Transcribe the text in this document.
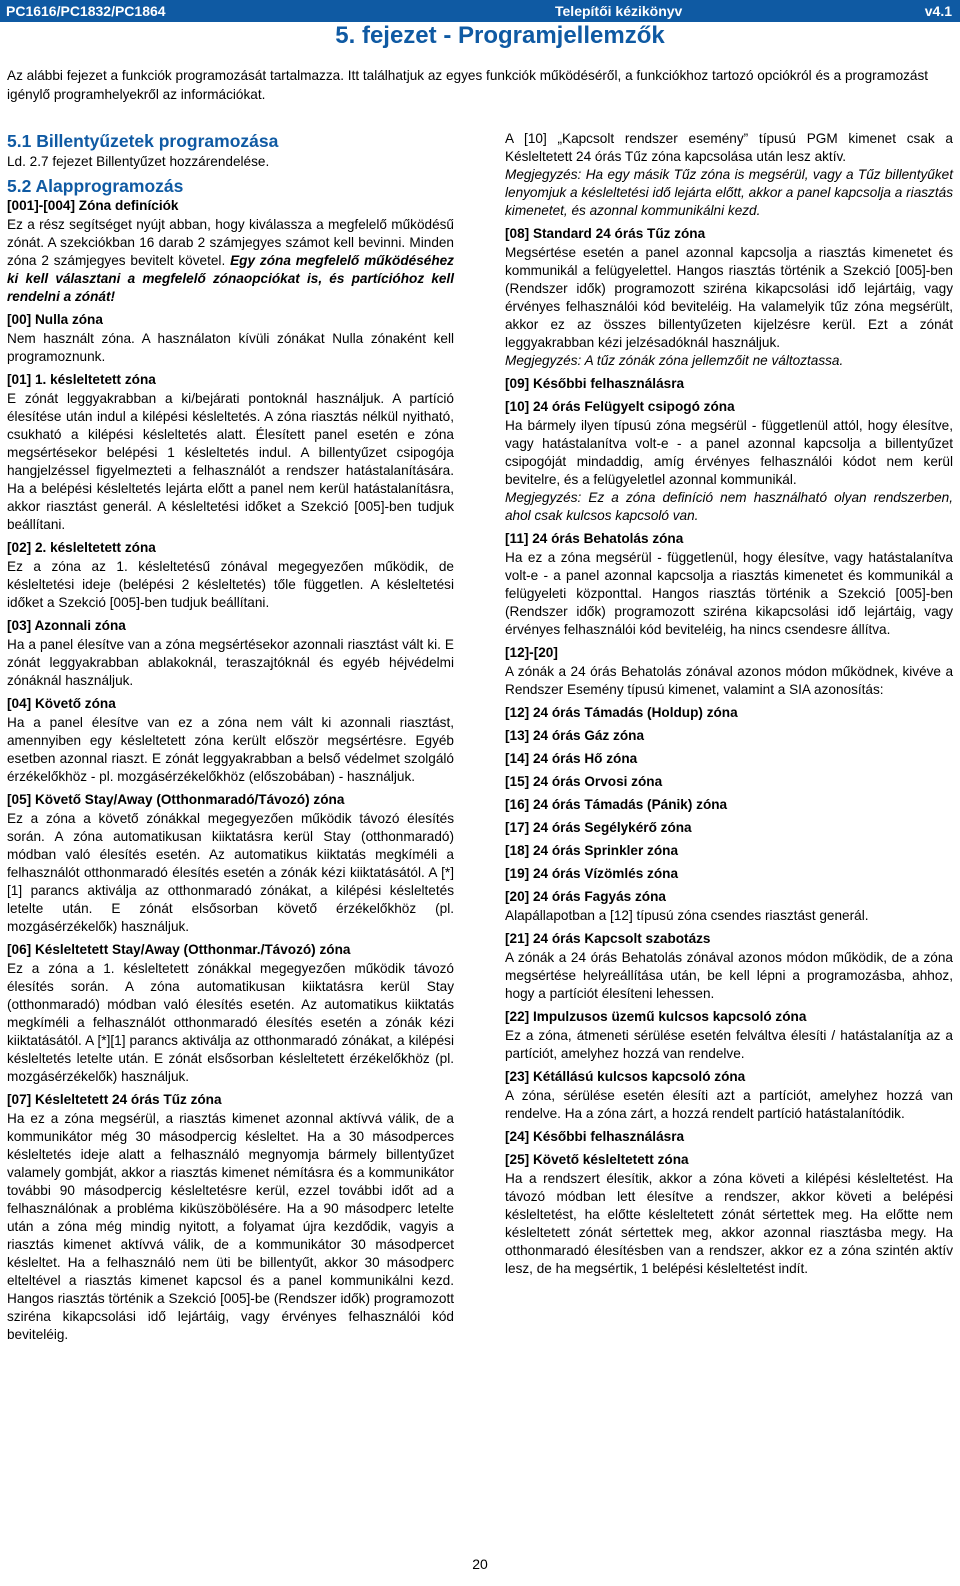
PC1616/PC1832/PC1864	Telepítői kézikönyv	v4.1
5. fejezet - Programjellemzők
Az alábbi fejezet a funkciók programozását tartalmazza. Itt találhatjuk az egyes funkciók működéséről, a funkciókhoz tartozó opciókról és a programozást igénylő programhelyekről az információkat.
5.1 Billentyűzetek programozása
Ld. 2.7 fejezet Billentyűzet hozzárendelése.
5.2 Alapprogramozás
[001]-[004] Zóna definíciók

Ez a rész segítséget nyújt abban, hogy kiválassza a megfelelő működésű zónát. A szekciókban 16 darab 2 számjegyes számot kell bevinni. Minden zóna 2 számjegyes bevitelt követel. Egy zóna megfelelő működéséhez ki kell választani a megfelelő zónaopciókat is, és partícióhoz kell rendelni a zónát!

[00] Nulla zóna

Nem használt zóna. A használaton kívüli zónákat Nulla zónaként kell programoznunk.

[01] 1. késleltetett zóna

E zónát leggyakrabban a ki/bejárati pontoknál használjuk. A partíció élesítése után indul a kilépési késleltetés. A zóna riasztás nélkül nyitható, csukható a kilépési késleltetés alatt. Élesített panel esetén e zóna megsértésekor belépési 1 késleltetés indul. A billentyűzet csipogója hangjelzéssel figyelmezteti a felhasználót a rendszer hatástalanítására. Ha a belépési késleltetés lejárta előtt a panel nem kerül hatástalanításra, akkor riasztást generál. A késleltetési időket a Szekció [005]-ben tudjuk beállítani.

[02] 2. késleltetett zóna

Ez a zóna az 1. késleltetésű zónával megegyezően működik, de késleltetési ideje (belépési 2 késleltetés) tőle független. A késleltetési időket a Szekció [005]-ben tudjuk beállítani.

[03] Azonnali zóna

Ha a panel élesítve van a zóna megsértésekor azonnali riasztást vált ki. E zónát leggyakrabban ablakoknál, teraszajtóknál és egyéb héjvédelmi zónáknál használjuk.

[04] Követő zóna

Ha a panel élesítve van ez a zóna nem vált ki azonnali riasztást, amennyiben egy késleltetett zóna került először megsértésre. Egyéb esetben azonnal riaszt. E zónát leggyakrabban a belső védelmet szolgáló érzékelőkhöz - pl. mozgásérzékelőkhöz (előszobában) - használjuk.

[05] Követő Stay/Away (Otthonmaradó/Távozó) zóna

Ez a zóna a követő zónákkal megegyezően működik távozó élesítés során. A zóna automatikusan kiiktatásra kerül Stay (otthonmaradó) módban való élesítés esetén. Az automatikus kiiktatás megkíméli a felhasználót otthonmaradó élesítés esetén a zónák kézi kiiktatásától. A [*][1] parancs aktiválja az otthonmaradó zónákat, a kilépési késleltetés letelte után. E zónát elsősorban követő érzékelőkhöz (pl. mozgásérzékelők) használjuk.

[06] Késleltetett Stay/Away (Otthonmar./Távozó) zóna

Ez a zóna a 1. késleltetett zónákkal megegyezően működik távozó élesítés során. A zóna automatikusan kiiktatásra kerül Stay (otthonmaradó) módban való élesítés esetén. Az automatikus kiiktatás megkíméli a felhasználót otthonmaradó élesítés esetén a zónák kézi kiiktatásától. A [*][1] parancs aktiválja az otthonmaradó zónákat, a kilépési késleltetés letelte után. E zónát elsősorban késleltetett érzékelőkhöz (pl. mozgásérzékelők) használjuk.

[07] Késleltetett 24 órás Tűz zóna

Ha ez a zóna megsérül, a riasztás kimenet azonnal aktívvá válik, de a kommunikátor még 30 másodpercig késleltet. Ha a 30 másodperces késleltetés ideje alatt a felhasználó megnyomja bármely billentyűzet valamely gombját, akkor a riasztás kimenet némításra és a kommunikátor további 90 másodpercig késleltetésre kerül, ezzel további időt ad a felhasználónak a probléma kiküszöbölésére. Ha a 90 másodperc letelte után a zóna még mindig nyitott, a folyamat újra kezdődik, vagyis a riasztás kimenet aktívvá válik, de a kommunikátor 30 másodpercet késleltet. Ha a felhasználó nem üti be billentyűt, akkor 30 másodperc elteltével a riasztás kimenet kapcsol és a panel kommunikálni kezd. Hangos riasztás történik a Szekció [005]-be (Rendszer idők) programozott sziréna kikapcsolási idő lejártáig, vagy érvényes felhasználói kód beviteléig.

A [10] „Kapcsolt rendszer esemény” típusú PGM kimenet csak a Késleltetett 24 órás Tűz zóna kapcsolása után lesz aktív.

Megjegyzés: Ha egy másik Tűz zóna is megsérül, vagy a Tűz billentyűket lenyomjuk a késleltetési idő lejárta előtt, akkor a panel kapcsolja a riasztás kimenetet, és azonnal kommunikálni kezd.

[08] Standard 24 órás Tűz zóna

Megsértése esetén a panel azonnal kapcsolja a riasztás kimenetet és kommunikál a felügyelettel. Hangos riasztás történik a Szekció [005]-ben (Rendszer idők) programozott sziréna kikapcsolási idő lejártáig, vagy érvényes felhasználói kód beviteléig. Ha valamelyik tűz zóna megsérült, akkor ez az összes billentyűzeten kijelzésre kerül. Ezt a zónát leggyakrabban kézi jelzésadóknál használjuk.

Megjegyzés: A tűz zónák zóna jellemzőit ne változtassa.

[09] Későbbi felhasználásra
[10] 24 órás Felügyelt csipogó zóna

Ha bármely ilyen típusú zóna megsérül - függetlenül attól, hogy élesítve, vagy hatástalanítva volt-e - a panel azonnal kapcsolja a billentyűzet csipogóját mindaddig, amíg érvényes felhasználói kódot nem kerül bevitelre, és a felügyeletlel azonnal kommunikál.

Megjegyzés: Ez a zóna definíció nem használható olyan rendszerben, ahol csak kulcsos kapcsoló van.

[11] 24 órás Behatolás zóna

Ha ez a zóna megsérül - függetlenül, hogy élesítve, vagy hatástalanítva volt-e - a panel azonnal kapcsolja a riasztás kimenetet és kommunikál a felügyeleti központtal. Hangos riasztás történik a Szekció [005]-ben (Rendszer idők) programozott sziréna kikapcsolási idő lejártáig, vagy érvényes felhasználói kód beviteléig, ha nincs csendesre állítva.

[12]-[20]

A zónák a 24 órás Behatolás zónával azonos módon működnek, kivéve a Rendszer Esemény típusú kimenet, valamint a SIA azonosítás:

[12] 24 órás Támadás (Holdup) zóna
[13] 24 órás Gáz zóna
[14] 24 órás Hő zóna
[15] 24 órás Orvosi zóna
[16] 24 órás Támadás (Pánik) zóna
[17] 24 órás Segélykérő zóna
[18] 24 órás Sprinkler zóna
[19] 24 órás Vízömlés zóna
[20] 24 órás Fagyás zóna

Alapállapotban a [12] típusú zóna csendes riasztást generál.

[21] 24 órás Kapcsolt szabotázs

A zónák a 24 órás Behatolás zónával azonos módon működik, de a zóna megsértése helyreállítása után, be kell lépni a programozásba, ahhoz, hogy a partíciót élesíteni lehessen.

[22] Impulzusos üzemű kulcsos kapcsoló zóna

Ez a zóna, átmeneti sérülése esetén felváltva élesíti / hatástalanítja az a partíciót, amelyhez hozzá van rendelve.

[23] Kétállású kulcsos kapcsoló zóna

A zóna, sérülése esetén élesíti azt a partíciót, amelyhez hozzá van rendelve. Ha a zóna zárt, a hozzá rendelt partíció hatástalanítódik.

[24] Későbbi felhasználásra
[25] Követő késleltetett zóna

Ha a rendszert élesítik, akkor a zóna követi a kilépési késleltetést. Ha távozó módban lett élesítve a rendszer, akkor követi a belépési késleltetést, ha előtte késleltetett zónát sértettek meg. Ha előtte nem késleltetett zónát sértettek meg, akkor azonnal riasztásba megy. Ha otthonmaradó élesítésben van a rendszer, akkor ez a zóna szintén aktív lesz, de ha megsértik, 1 belépési késleltetést indít.

20
